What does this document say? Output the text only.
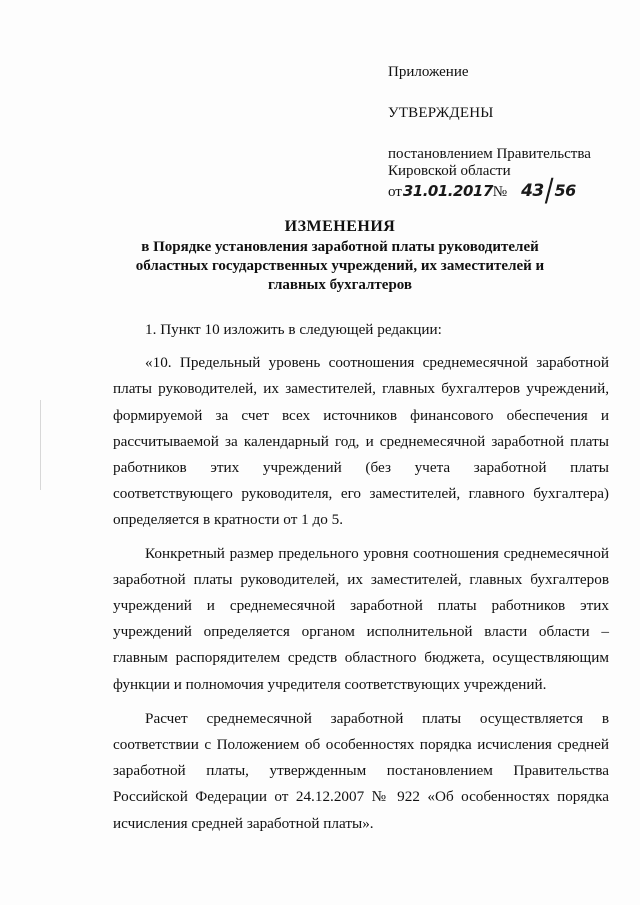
Приложение

УТВЕРЖДЕНЫ

постановлением Правительства

Кировской области

от31.01.2017№ 43/56

ИЗМЕНЕНИЯ

в Порядке установления заработной платы руководителей

областных государственных учреждений, их заместителей и

главных бухгалтеров

1. Пункт 10 изложить в следующей редакции:

«10. Предельный уровень соотношения среднемесячной заработной платы руководителей, их заместителей, главных бухгалтеров учреждений, формируемой за счет всех источников финансового обеспечения и рассчитываемой за календарный год, и среднемесячной заработной платы работников этих учреждений (без учета заработной платы соответствующего руководителя, его заместителей, главного бухгалтера) определяется в кратности от 1 до 5.

Конкретный размер предельного уровня соотношения среднемесячной заработной платы руководителей, их заместителей, главных бухгалтеров учреждений и среднемесячной заработной платы работников этих учреждений определяется органом исполнительной власти области – главным распорядителем средств областного бюджета, осуществляющим функции и полномочия учредителя соответствующих учреждений.

Расчет среднемесячной заработной платы осуществляется в соответствии с Положением об особенностях порядка исчисления средней заработной платы, утвержденным постановлением Правительства Российской Федерации от 24.12.2007 № 922 «Об особенностях порядка исчисления средней заработной платы».
